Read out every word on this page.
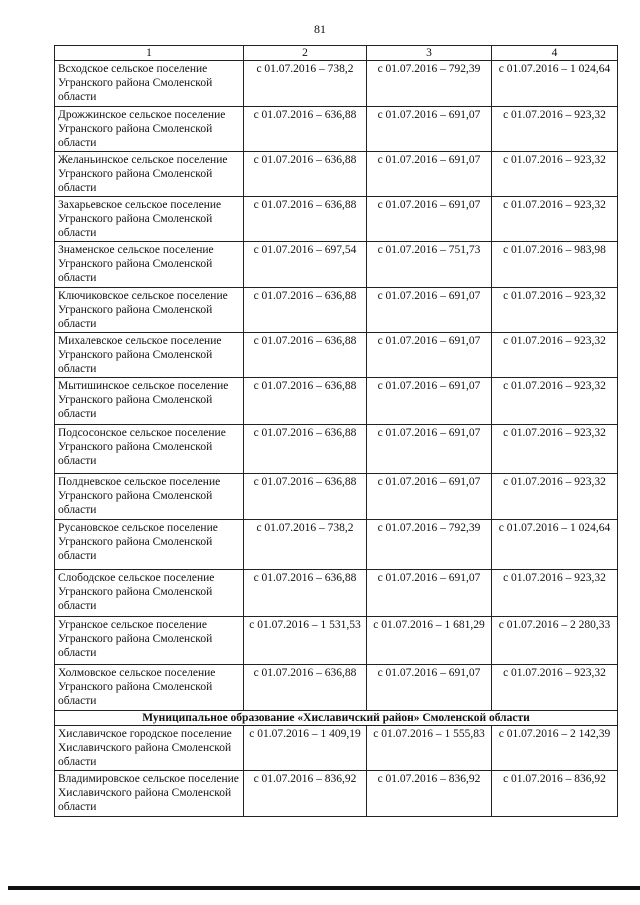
81
1	2	3	4
Всходское сельское поселение Угранского района Смоленской области	с 01.07.2016 – 738,2	с 01.07.2016 – 792,39	с 01.07.2016 – 1 024,64
Дрожжинское сельское поселение Угранского района Смоленской области	с 01.07.2016 – 636,88	с 01.07.2016 – 691,07	с 01.07.2016 – 923,32
Желаньинское сельское поселение Угранского района Смоленской области	с 01.07.2016 – 636,88	с 01.07.2016 – 691,07	с 01.07.2016 – 923,32
Захарьевское сельское поселение Угранского района Смоленской области	с 01.07.2016 – 636,88	с 01.07.2016 – 691,07	с 01.07.2016 – 923,32
Знаменское сельское поселение Угранского района Смоленской области	с 01.07.2016 – 697,54	с 01.07.2016 – 751,73	с 01.07.2016 – 983,98
Ключиковское сельское поселение Угранского района Смоленской области	с 01.07.2016 – 636,88	с 01.07.2016 – 691,07	с 01.07.2016 – 923,32
Михалевское сельское поселение Угранского района Смоленской области	с 01.07.2016 – 636,88	с 01.07.2016 – 691,07	с 01.07.2016 – 923,32
Мытишинское сельское поселение Угранского района Смоленской области	с 01.07.2016 – 636,88	с 01.07.2016 – 691,07	с 01.07.2016 – 923,32
Подсосонское сельское поселение Угранского района Смоленской области	с 01.07.2016 – 636,88	с 01.07.2016 – 691,07	с 01.07.2016 – 923,32
Полдневское сельское поселение Угранского района Смоленской области	с 01.07.2016 – 636,88	с 01.07.2016 – 691,07	с 01.07.2016 – 923,32
Русановское сельское поселение Угранского района Смоленской области	с 01.07.2016 – 738,2	с 01.07.2016 – 792,39	с 01.07.2016 – 1 024,64
Слободское сельское поселение Угранского района Смоленской области	с 01.07.2016 – 636,88	с 01.07.2016 – 691,07	с 01.07.2016 – 923,32
Угранское сельское поселение Угранского района Смоленской области	с 01.07.2016 – 1 531,53	с 01.07.2016 – 1 681,29	с 01.07.2016 – 2 280,33
Холмовское сельское поселение Угранского района Смоленской области	с 01.07.2016 – 636,88	с 01.07.2016 – 691,07	с 01.07.2016 – 923,32
Муниципальное образование «Хиславичский район» Смоленской области			
Хиславичское городское поселение Хиславичского района Смоленской области	с 01.07.2016 – 1 409,19	с 01.07.2016 – 1 555,83	с 01.07.2016 – 2 142,39
Владимировское сельское поселение Хиславичского района Смоленской области	с 01.07.2016 – 836,92	с 01.07.2016 – 836,92	с 01.07.2016 – 836,92
